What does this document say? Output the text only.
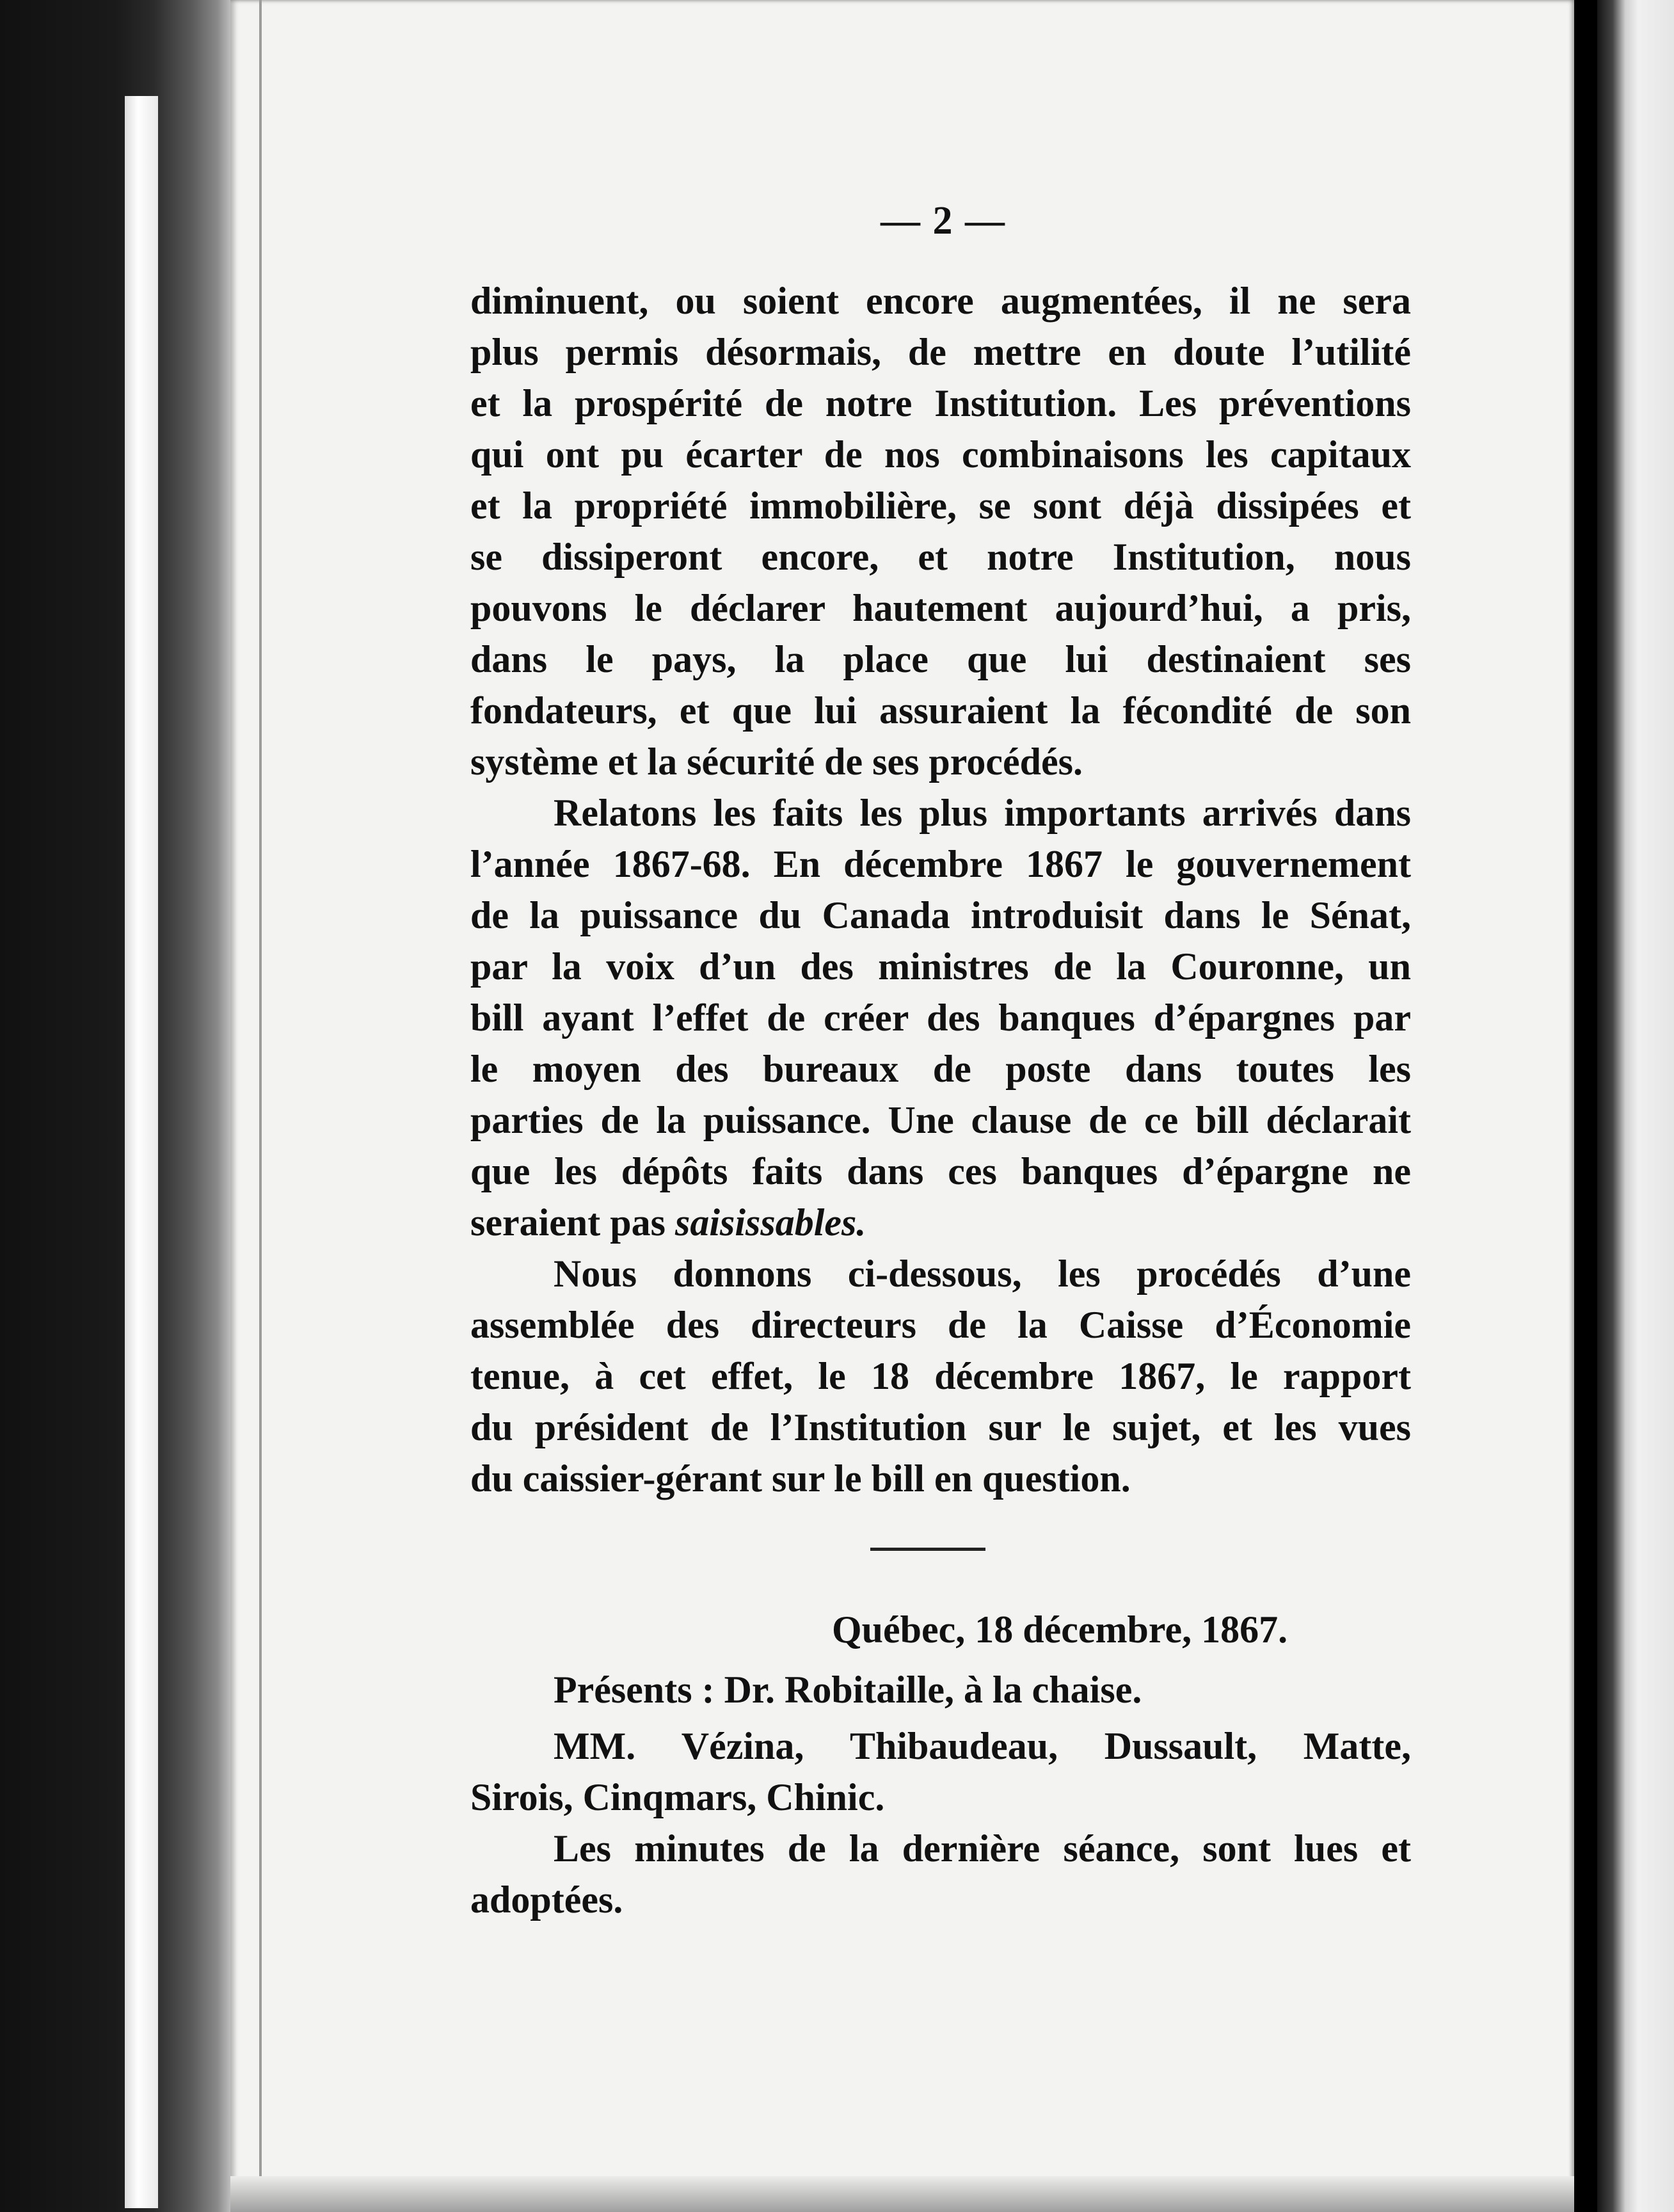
— 2 —
diminuent, ou soient encore augmentées, il ne sera
plus permis désormais, de mettre en doute l’utilité
et la prospérité de notre Institution. Les préventions
qui ont pu écarter de nos combinaisons les capitaux
et la propriété immobilière, se sont déjà dissipées et
se dissiperont encore, et notre Institution, nous
pouvons le déclarer hautement aujourd’hui, a pris,
dans le pays, la place que lui destinaient ses
fondateurs, et que lui assuraient la fécondité de son
système et la sécurité de ses procédés.
Relatons les faits les plus importants arrivés dans
l’année 1867-68. En décembre 1867 le gouvernement
de la puissance du Canada introduisit dans le Sénat,
par la voix d’un des ministres de la Couronne, un
bill ayant l’effet de créer des banques d’épargnes par
le moyen des bureaux de poste dans toutes les
parties de la puissance. Une clause de ce bill déclarait
que les dépôts faits dans ces banques d’épargne ne
seraient pas saisissables.
Nous donnons ci-dessous, les procédés d’une
assemblée des directeurs de la Caisse d’Économie
tenue, à cet effet, le 18 décembre 1867, le rapport
du président de l’Institution sur le sujet, et les vues
du caissier-gérant sur le bill en question.
Québec, 18 décembre, 1867.
Présents : Dr. Robitaille, à la chaise.
MM. Vézina, Thibaudeau, Dussault, Matte,
Sirois, Cinqmars, Chinic.
Les minutes de la dernière séance, sont lues et
adoptées.
